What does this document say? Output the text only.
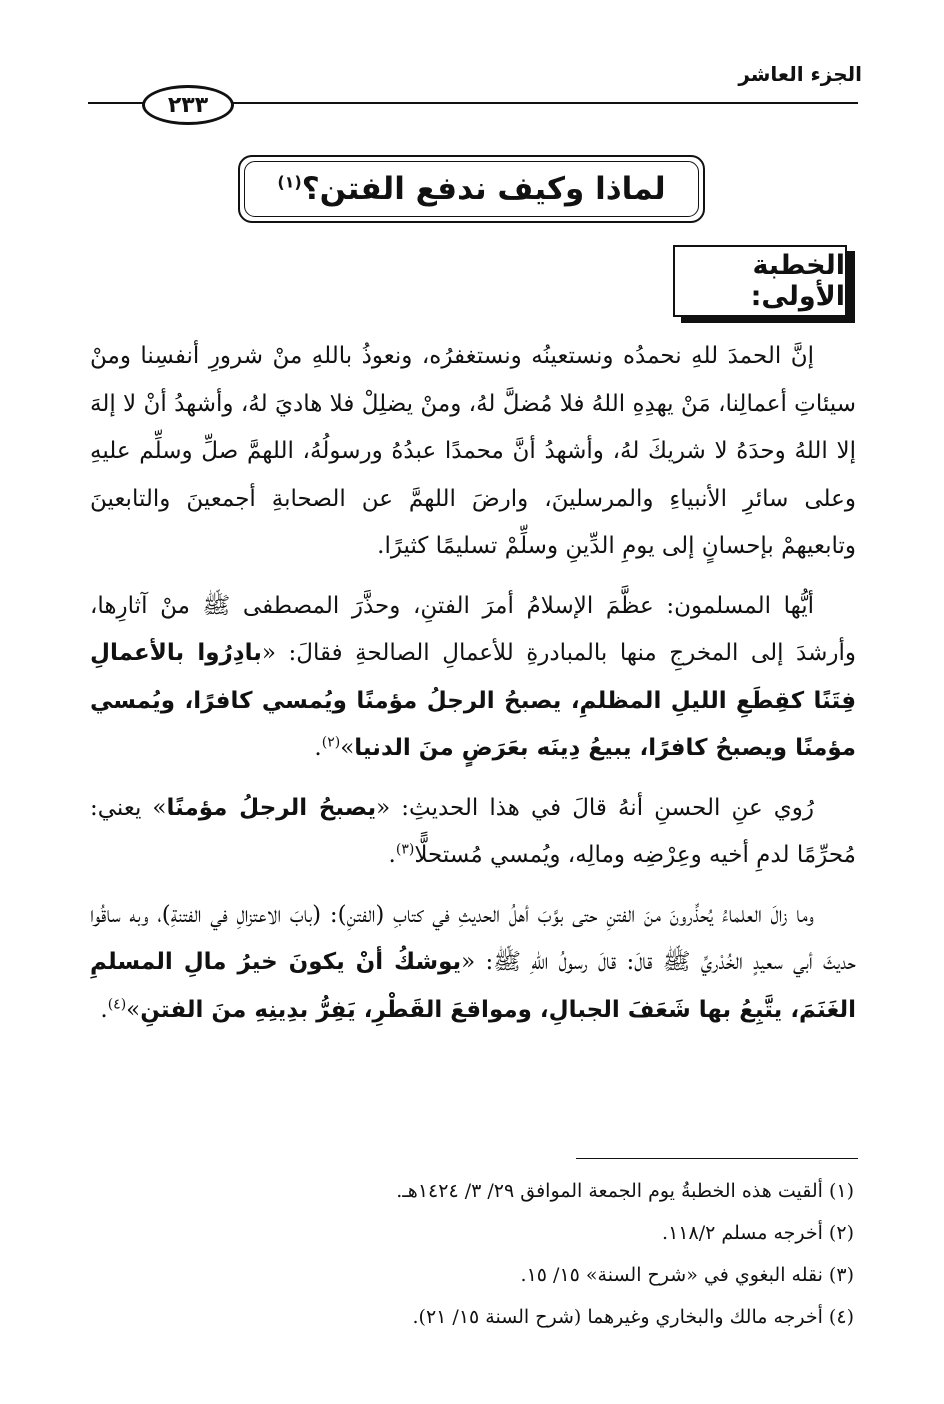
الجزء العاشر
٢٣٣
لماذا وكيف ندفع الفتن؟$^{(١)}$
الخطبة الأولى:

إنَّ الحمدَ للهِ نحمدُه ونستعينُه ونستغفرُه، ونعوذُ باللهِ منْ شرورِ أنفسِنا ومنْ سيئاتِ أعمالِنا، مَنْ يهدِهِ اللهُ فلا مُضلَّ لهُ، ومنْ يضلِلْ فلا هاديَ لهُ، وأشهدُ أنْ لا إلهَ إلا اللهُ وحدَهُ لا شريكَ لهُ، وأشهدُ أنَّ محمدًا عبدُهُ ورسولُهُ، اللهمَّ صلِّ وسلِّم عليهِ وعلى سائرِ الأنبياءِ والمرسلينَ، وارضَ اللهمَّ عن الصحابةِ أجمعينَ والتابعينَ وتابعيهمْ بإحسانٍ إلى يومِ الدِّينِ وسلِّمْ تسليمًا كثيرًا.

أيُّها المسلمون: عظَّمَ الإسلامُ أمرَ الفتنِ، وحذَّرَ المصطفى ﷺ منْ آثارِها، وأرشدَ إلى المخرجِ منها بالمبادرةِ للأعمالِ الصالحةِ فقالَ: «بادِرُوا بالأعمالِ فِتَنًا كقِطَعِ الليلِ المظلمِ، يصبحُ الرجلُ مؤمنًا ويُمسي كافرًا، ويُمسي مؤمنًا ويصبحُ كافرًا، يبيعُ دِينَه بعَرَضٍ منَ الدنيا»$^{(٢)}$.

رُوي عنِ الحسنِ أنهُ قالَ في هذا الحديثِ: «يصبحُ الرجلُ مؤمنًا» يعني: مُحرِّمًا لدمِ أخيه وعِرْضِه ومالِه، ويُمسي مُستحلًّا$^{(٣)}$.

وما زالَ العلماءُ يُحذِّرونَ منَ الفتنِ حتى بوَّبَ أهلُ الحديثِ في كتابِ (الفتنِ): (بابَ الاعتزالِ في الفتنةِ)، وبه ساقُوا حديثَ أبي سعيدٍ الخُدْريِّ ﷺ قالَ: قالَ رسولُ اللهِ ﷺ: «يوشكُ أنْ يكونَ خيرُ مالِ المسلمِ الغَنَمَ، يتَّبِعُ بها شَعَفَ الجبالِ، ومواقعَ القَطْرِ، يَفِرُّ بدِينِهِ منَ الفتنِ»$^{(٤)}$.

(١) ألقيت هذه الخطبةُ يوم الجمعة الموافق ٢٩/ ٣/ ١٤٢٤هـ.
(٢) أخرجه مسلم ١١٨/٢.
(٣) نقله البغوي في «شرح السنة» ١٥/ ١٥.
(٤) أخرجه مالك والبخاري وغيرهما (شرح السنة ١٥/ ٢١).
